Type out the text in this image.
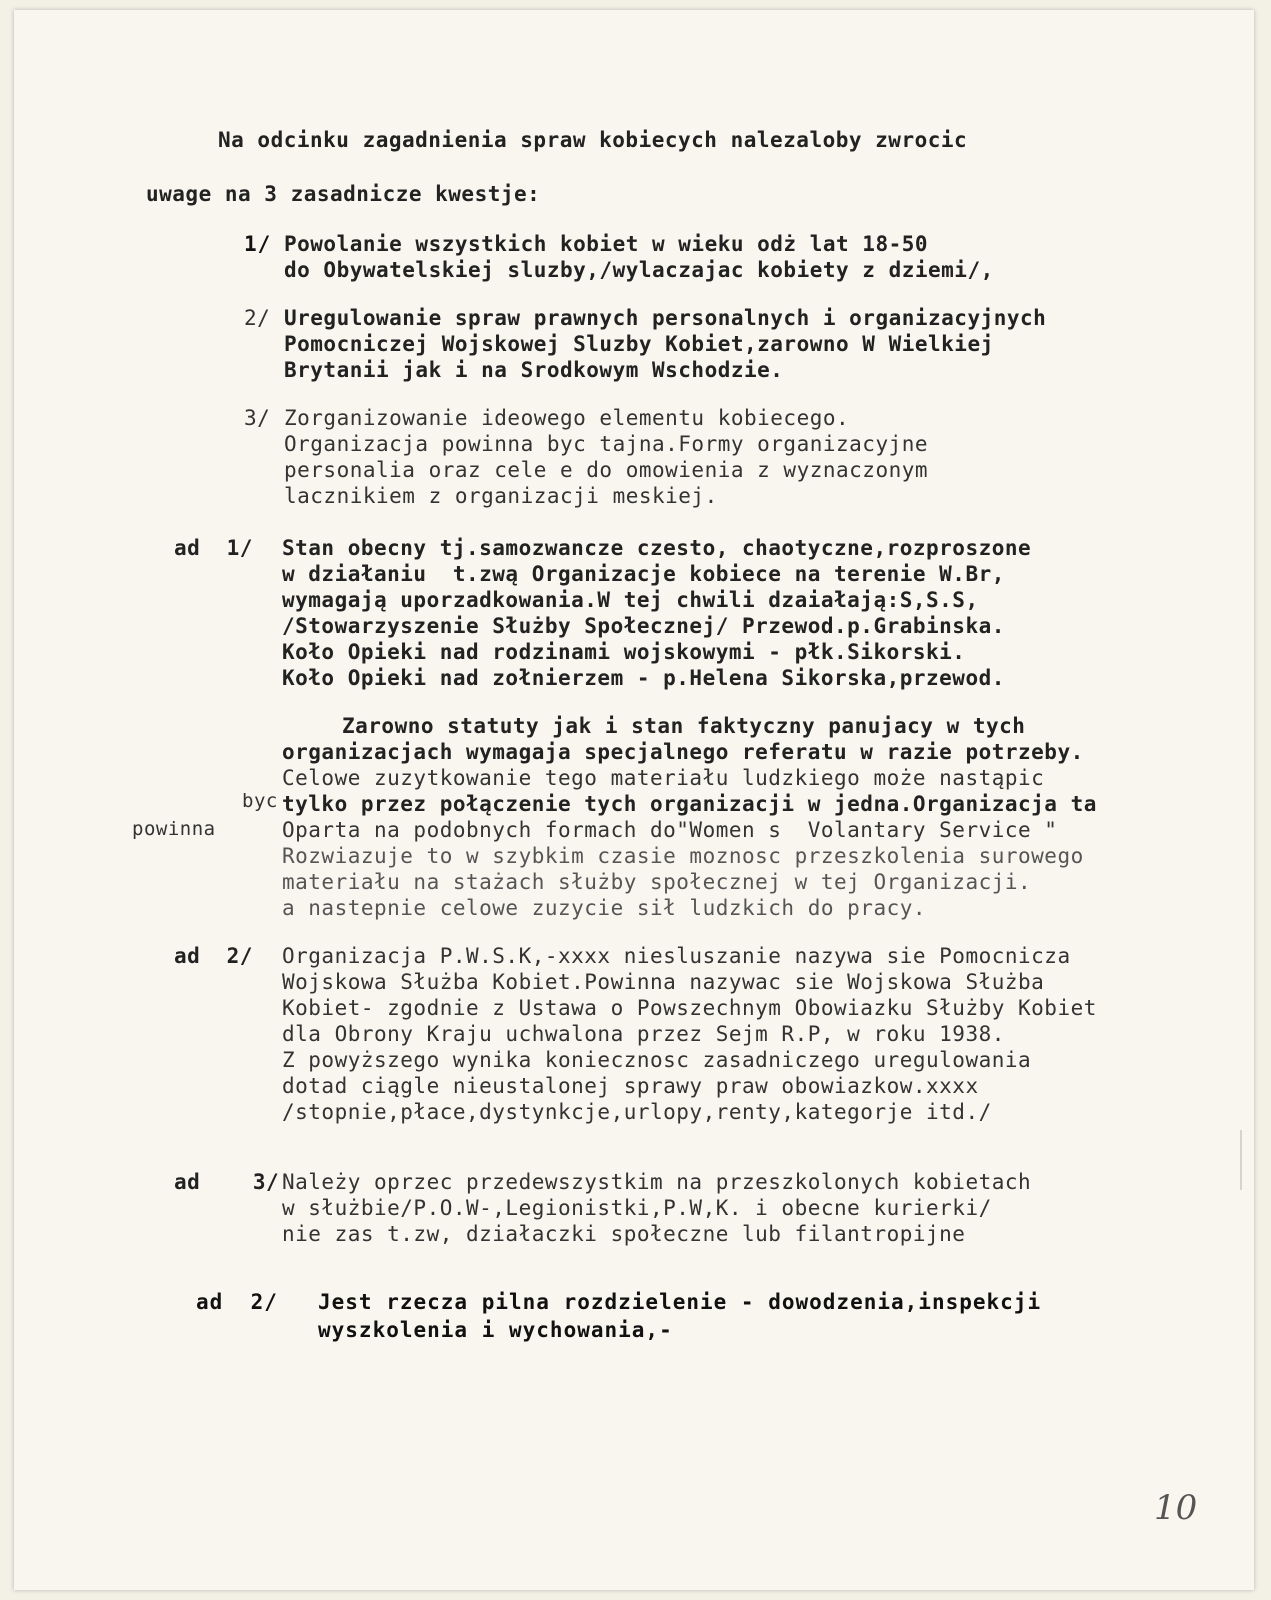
Na odcinku zagadnienia spraw kobiecych nalezaloby zwrocic
uwage na 3 zasadnicze kwestje:
1/ Powolanie wszystkich kobiet w wieku odż lat 18-50
do Obywatelskiej sluzby,/wylaczajac kobiety z dziemi/,
2/ Uregulowanie spraw prawnych personalnych i organizacyjnych
Pomocniczej Wojskowej Sluzby Kobiet,zarowno W Wielkiej
Brytanii jak i na Srodkowym Wschodzie.
3/ Zorganizowanie ideowego elementu kobiecego.
Organizacja powinna byc tajna.Formy organizacyjne
personalia oraz cele e do omowienia z wyznaczonym
lacznikiem z organizacji meskiej.
ad  1/ Stan obecny tj.samozwancze czesto, chaotyczne,rozproszone
w działaniu  t.zwą Organizacje kobiece na terenie W.Br,
wymagają uporzadkowania.W tej chwili dzaiałają:S,S.S,
/Stowarzyszenie Służby Społecznej/ Przewod.p.Grabinska.
Koło Opieki nad rodzinami wojskowymi - płk.Sikorski.
Koło Opieki nad zołnierzem - p.Helena Sikorska,przewod.
Zarowno statuty jak i stan faktyczny panujacy w tych
organizacjach wymagaja specjalnego referatu w razie potrzeby.
Celowe zuzytkowanie tego materiału ludzkiego może nastąpic
byc tylko przez połączenie tych organizacji w jedna.Organizacja ta
powinna	Oparta na podobnych formach do"Women s  Volantary Service "
Rozwiazuje to w szybkim czasie moznosc przeszkolenia surowego
materiału na stażach służby społecznej w tej Organizacji.
a nastepnie celowe zuzycie sił ludzkich do pracy.
ad  2/ Organizacja P.W.S.K,-xxxx niesluszanie nazywa sie Pomocnicza
Wojskowa Służba Kobiet.Powinna nazywac sie Wojskowa Służba
Kobiet- zgodnie z Ustawa o Powszechnym Obowiazku Służby Kobiet
dla Obrony Kraju uchwalona przez Sejm R.P, w roku 1938.
Z powyższego wynika koniecznosc zasadniczego uregulowania
dotad ciągle nieustalonej sprawy praw obowiazkow.xxxx
/stopnie,płace,dystynkcje,urlopy,renty,kategorje itd./
ad    3/ Należy oprzec przedewszystkim na przeszkolonych kobietach
w służbie/P.O.W-,Legionistki,P.W,K. i obecne kurierki/
nie zas t.zw, działaczki społeczne lub filantropijne
ad  2/ Jest rzecza pilna rozdzielenie - dowodzenia,inspekcji
wyszkolenia i wychowania,-
10
